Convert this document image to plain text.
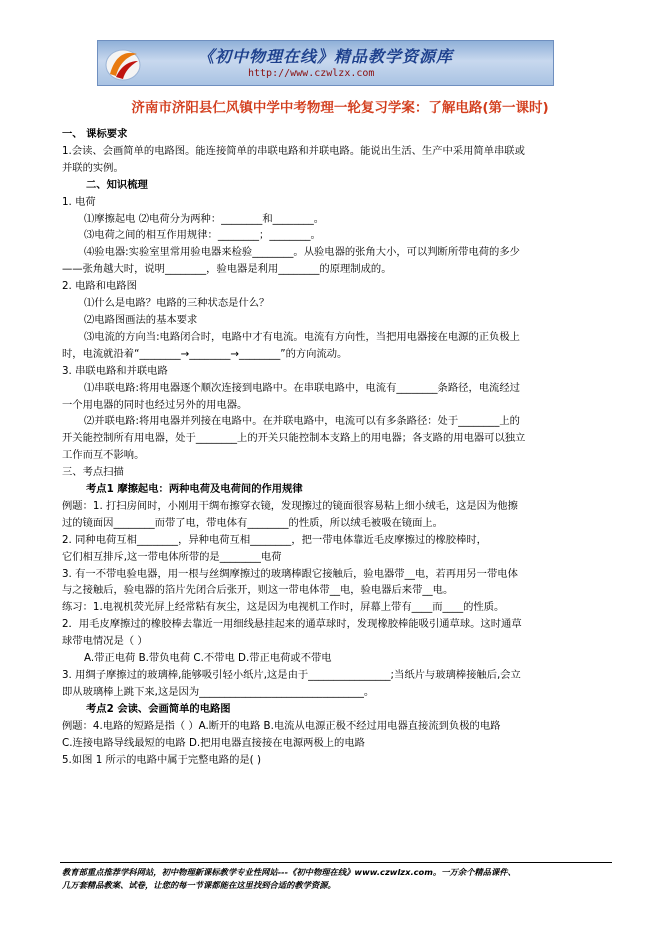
《初中物理在线》精品教学资源库
http://www.czwlzx.com
济南市济阳县仁风镇中学中考物理一轮复习学案：了解电路(第一课时)

一、 课标要求

1.会读、会画简单的电路图。能连接简单的串联电路和并联电路。能说出生活、生产中采用简单串联或

并联的实例。

二、知识梳理

1. 电荷

⑴摩擦起电 ⑵电荷分为两种：________和________。

⑶电荷之间的相互作用规律：________；________。

⑷验电器:实验室里常用验电器来检验________。从验电器的张角大小，可以判断所带电荷的多少

——张角越大时，说明________，验电器是利用________的原理制成的。

2. 电路和电路图

⑴什么是电路？电路的三种状态是什么？

⑵电路图画法的基本要求

⑶电流的方向当:电路闭合时，电路中才有电流。电流有方向性，当把用电器接在电源的正负极上

时，电流就沿着“________→________→________”的方向流动。

3. 串联电路和并联电路

⑴串联电路:将用电器逐个顺次连接到电路中。在串联电路中，电流有________条路径，电流经过

一个用电器的同时也经过另外的用电器。

⑵并联电路:将用电器并列接在电路中。在并联电路中，电流可以有多条路径：处于________上的

开关能控制所有用电器，处于________上的开关只能控制本支路上的用电器；各支路的用电器可以独立

工作而互不影响。

三、考点扫描

考点1 摩擦起电：两种电荷及电荷间的作用规律

例题：1. 打扫房间时，小刚用干绸布擦穿衣镜，发现擦过的镜面很容易粘上细小绒毛，这是因为他擦

过的镜面因________而带了电，带电体有________的性质，所以绒毛被吸在镜面上。

2. 同种电荷互相________，异种电荷互相________，把一带电体靠近毛皮摩擦过的橡胶棒时，

它们相互排斥,这一带电体所带的是________电荷

3. 有一不带电验电器，用一根与丝绸摩擦过的玻璃棒跟它接触后，验电器带__电，若再用另一带电体

与之接触后，验电器的箔片先闭合后张开，则这一带电体带__电，验电器后来带__电。

练习：1.电视机荧光屏上经常粘有灰尘，这是因为电视机工作时，屏幕上带有____而____的性质。

2．用毛皮摩擦过的橡胶棒去靠近一用细线悬挂起来的通草球时，发现橡胶棒能吸引通草球。这时通草

球带电情况是（ ）

A.带正电荷 B.带负电荷 C.不带电 D.带正电荷或不带电

3. 用绸子摩擦过的玻璃棒,能够吸引轻小纸片,这是由于________________;当纸片与玻璃棒接触后,会立

即从玻璃棒上跳下来,这是因为________________________________。

考点2 会读、会画简单的电路图

例题：4.电路的短路是指（ ）A.断开的电路 B.电流从电源正极不经过用电器直接流到负极的电路

C.连接电路导线最短的电路 D.把用电器直接接在电源两极上的电路

5.如图 1 所示的电路中属于完整电路的是( )

教育部重点推荐学科网站，初中物理新课标教学专业性网站---《初中物理在线》www.czwlzx.com。一万余个精品课件、

几万套精品教案、试卷，让您的每一节课都能在这里找到合适的教学资源。
